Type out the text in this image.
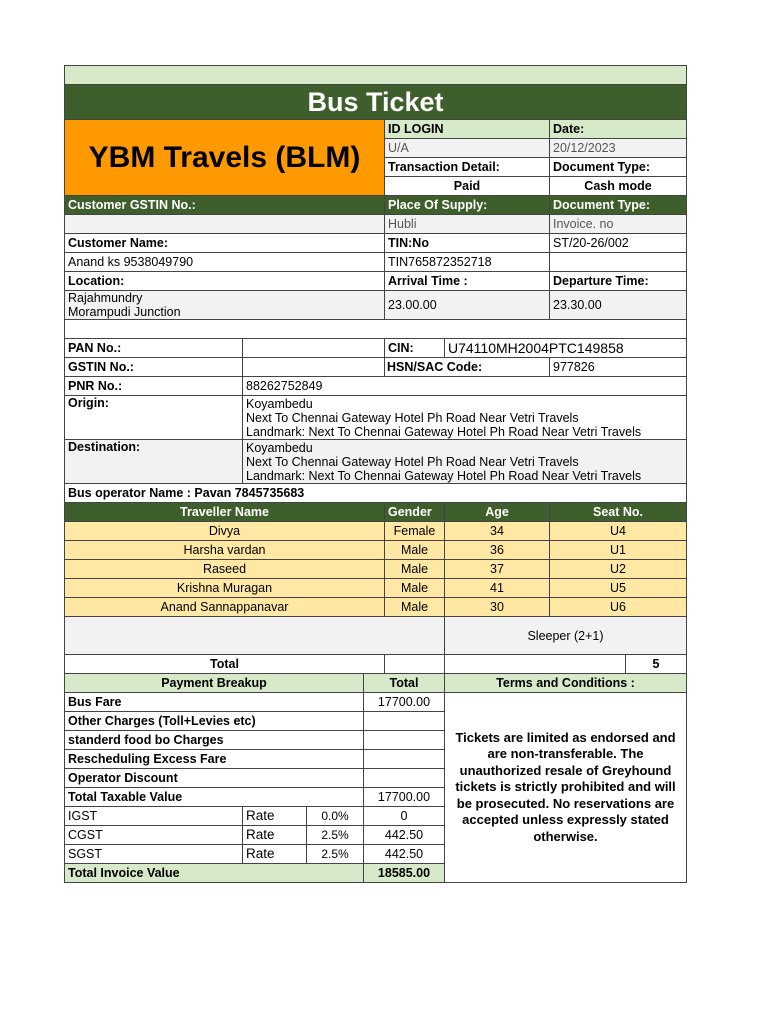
Bus Ticket						
YBM Travels (BLM)			ID LOGIN		Date:	
			U/A		20/12/2023	
			Transaction Detail:		Document Type:	
			Paid		Cash mode	
Customer GSTIN No.:			Place Of Supply:		Document Type:	
			Hubli		Invoice. no	
Customer Name:			TIN:No		ST/20-26/002	
Anand ks 9538049790			TIN765872352718			
Location:			Arrival Time :		Departure Time:	

Rajahmundry
Morampudi Junction			23.00.00		23.30.00	

PAN No.:			CIN:	U74110MH2004PTC149858		
GSTIN No.:			HSN/SAC Code:		977826	
PNR No.:	88262752849					
Origin:	Koyambedu
Next To Chennai Gateway Hotel Ph Road Near Vetri Travels
Landmark: Next To Chennai Gateway Hotel Ph Road Near Vetri Travels					

Destination:	Koyambedu
Next To Chennai Gateway Hotel Ph Road Near Vetri Travels
Landmark: Next To Chennai Gateway Hotel Ph Road Near Vetri Travels					

Bus operator Name : Pavan 7845735683						
Traveller Name			Gender	Age	Seat No.	
Divya			Female	34	U4	
Harsha vardan			Male	36	U1	
Raseed			Male	37	U2	
Krishna Muragan			Male	41	U5	
Anand Sannappanavar			Male	30	U6	
				Sleeper (2+1)		
Total						5
Payment Breakup		Total		Terms and Conditions :		
Bus Fare		17700.00		Tickets are limited as endorsed and are non-transferable. The unauthorized resale of Greyhound tickets is strictly prohibited and will be prosecuted. No reservations are accepted unless expressly stated otherwise.		
Other Charges (Toll+Levies etc)						
standerd food bo Charges						
Rescheduling Excess Fare						
Operator Discount						
Total Taxable Value		17700.00				
IGST	Rate 0.0%	0				
CGST	Rate 2.5%	442.50				
SGST	Rate 2.5%	442.50				
Total Invoice Value		18585.00				
